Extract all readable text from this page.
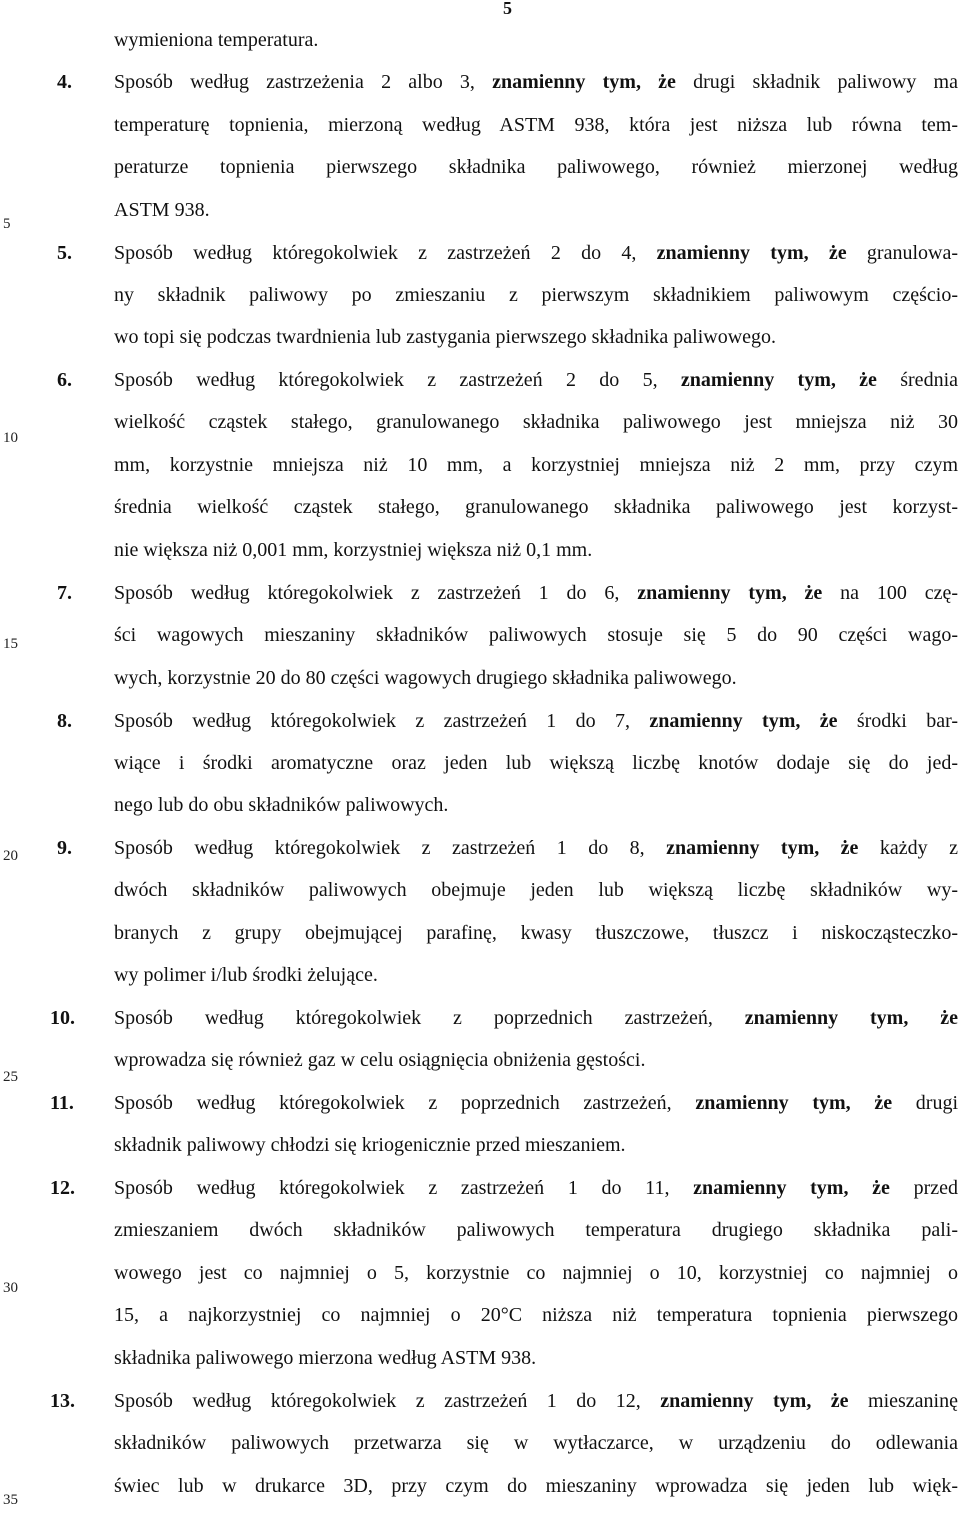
5
5
10
15
20
25
30
35
wymieniona temperatura.
4. Sposób według zastrzeżenia 2 albo 3, znamienny tym, że drugi składnik paliwowy ma
temperaturę topnienia, mierzoną według ASTM 938, która jest niższa lub równa tem-
peraturze topnienia pierwszego składnika paliwowego, również mierzonej według
ASTM 938.
5. Sposób według któregokolwiek z zastrzeżeń 2 do 4, znamienny tym, że granulowa-
ny składnik paliwowy po zmieszaniu z pierwszym składnikiem paliwowym częścio-
wo topi się podczas twardnienia lub zastygania pierwszego składnika paliwowego.
6. Sposób według któregokolwiek z zastrzeżeń 2 do 5, znamienny tym, że średnia
wielkość cząstek stałego, granulowanego składnika paliwowego jest mniejsza niż 30
mm, korzystnie mniejsza niż 10 mm, a korzystniej mniejsza niż 2 mm, przy czym
średnia wielkość cząstek stałego, granulowanego składnika paliwowego jest korzyst-
nie większa niż 0,001 mm, korzystniej większa niż 0,1 mm.
7. Sposób według któregokolwiek z zastrzeżeń 1 do 6, znamienny tym, że na 100 czę-
ści wagowych mieszaniny składników paliwowych stosuje się 5 do 90 części wago-
wych, korzystnie 20 do 80 części wagowych drugiego składnika paliwowego.
8. Sposób według któregokolwiek z zastrzeżeń 1 do 7, znamienny tym, że środki bar-
wiące i środki aromatyczne oraz jeden lub większą liczbę knotów dodaje się do jed-
nego lub do obu składników paliwowych.
9. Sposób według któregokolwiek z zastrzeżeń 1 do 8, znamienny tym, że każdy z
dwóch składników paliwowych obejmuje jeden lub większą liczbę składników wy-
branych z grupy obejmującej parafinę, kwasy tłuszczowe, tłuszcz i niskocząsteczko-
wy polimer i/lub środki żelujące.
10. Sposób według któregokolwiek z poprzednich zastrzeżeń, znamienny tym, że
wprowadza się również gaz w celu osiągnięcia obniżenia gęstości.
11. Sposób według któregokolwiek z poprzednich zastrzeżeń, znamienny tym, że drugi
składnik paliwowy chłodzi się kriogenicznie przed mieszaniem.
12. Sposób według któregokolwiek z zastrzeżeń 1 do 11, znamienny tym, że przed
zmieszaniem dwóch składników paliwowych temperatura drugiego składnika pali-
wowego jest co najmniej o 5, korzystnie co najmniej o 10, korzystniej co najmniej o
15, a najkorzystniej co najmniej o 20°C niższa niż temperatura topnienia pierwszego
składnika paliwowego mierzona według ASTM 938.
13. Sposób według któregokolwiek z zastrzeżeń 1 do 12, znamienny tym, że mieszaninę
składników paliwowych przetwarza się w wytłaczarce, w urządzeniu do odlewania
świec lub w drukarce 3D, przy czym do mieszaniny wprowadza się jeden lub więk-
